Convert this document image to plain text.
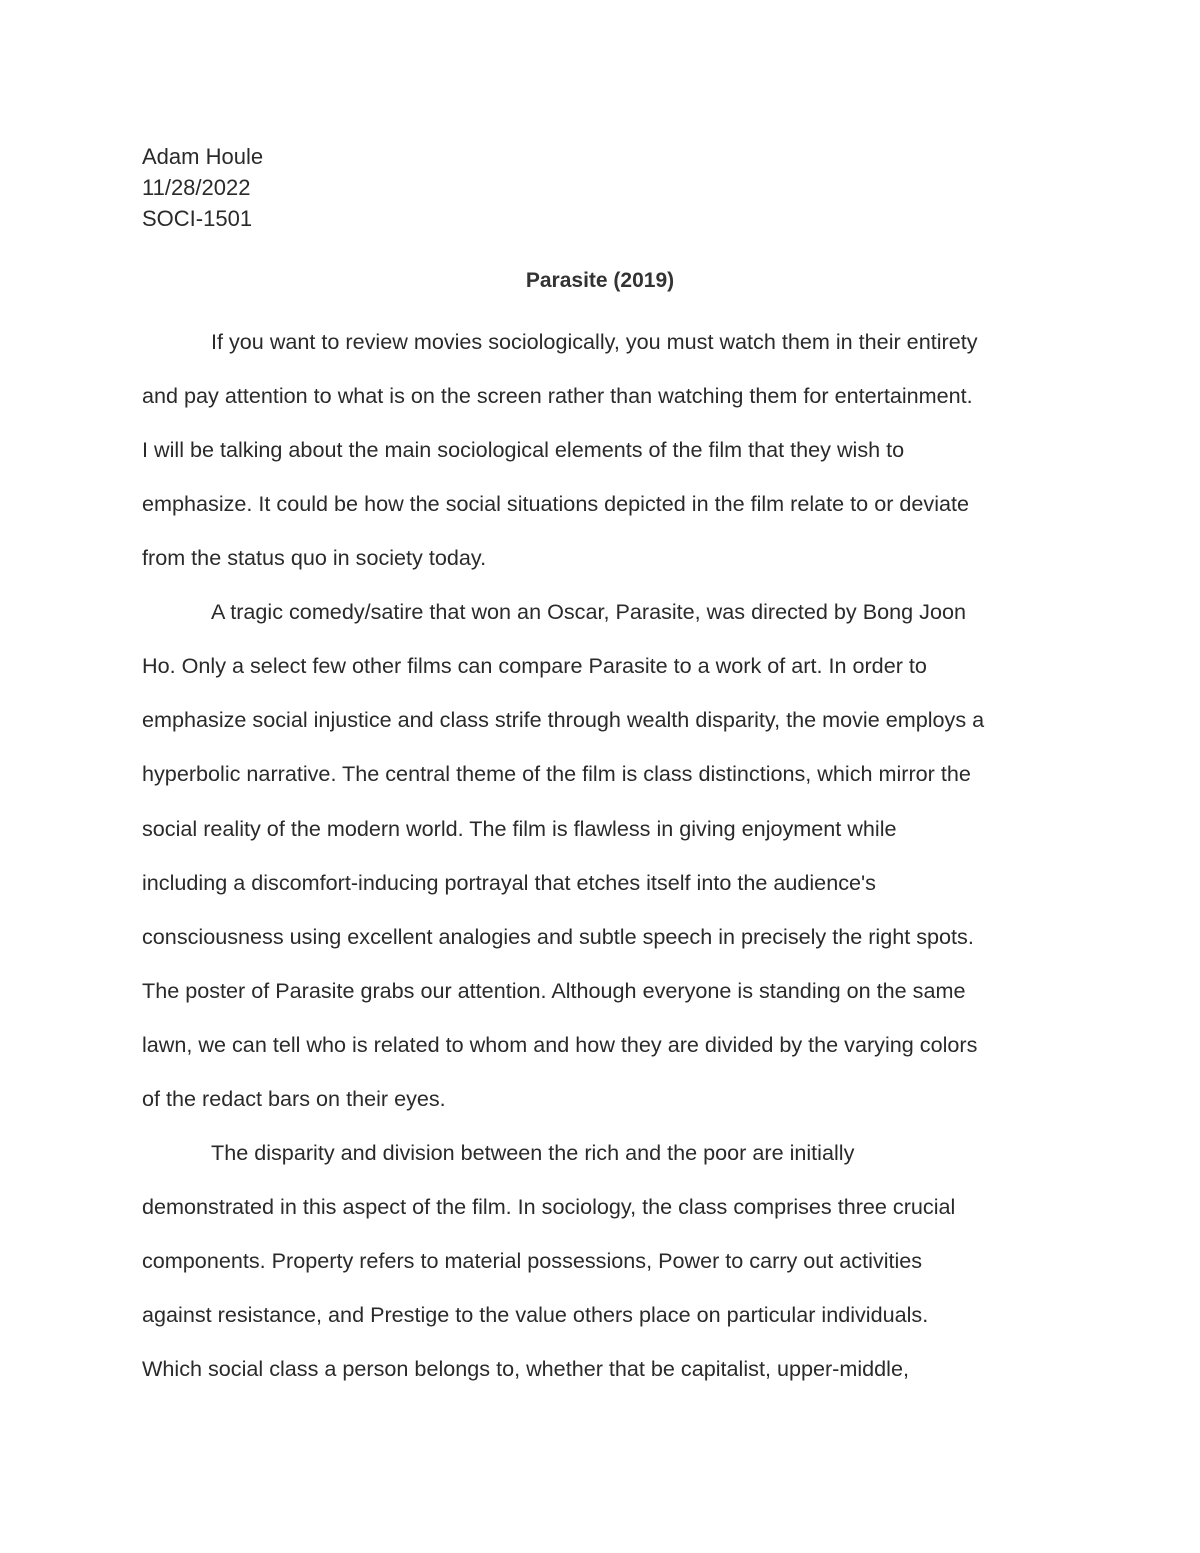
Adam Houle
11/28/2022
SOCI-1501
Parasite (2019)
If you want to review movies sociologically, you must watch them in their entirety
and pay attention to what is on the screen rather than watching them for entertainment.
I will be talking about the main sociological elements of the film that they wish to
emphasize. It could be how the social situations depicted in the film relate to or deviate
from the status quo in society today.
A tragic comedy/satire that won an Oscar, Parasite, was directed by Bong Joon
Ho. Only a select few other films can compare Parasite to a work of art. In order to
emphasize social injustice and class strife through wealth disparity, the movie employs a
hyperbolic narrative. The central theme of the film is class distinctions, which mirror the
social reality of the modern world. The film is flawless in giving enjoyment while
including a discomfort-inducing portrayal that etches itself into the audience's
consciousness using excellent analogies and subtle speech in precisely the right spots.
The poster of Parasite grabs our attention. Although everyone is standing on the same
lawn, we can tell who is related to whom and how they are divided by the varying colors
of the redact bars on their eyes.
The disparity and division between the rich and the poor are initially
demonstrated in this aspect of the film. In sociology, the class comprises three crucial
components. Property refers to material possessions, Power to carry out activities
against resistance, and Prestige to the value others place on particular individuals.
Which social class a person belongs to, whether that be capitalist, upper-middle,
